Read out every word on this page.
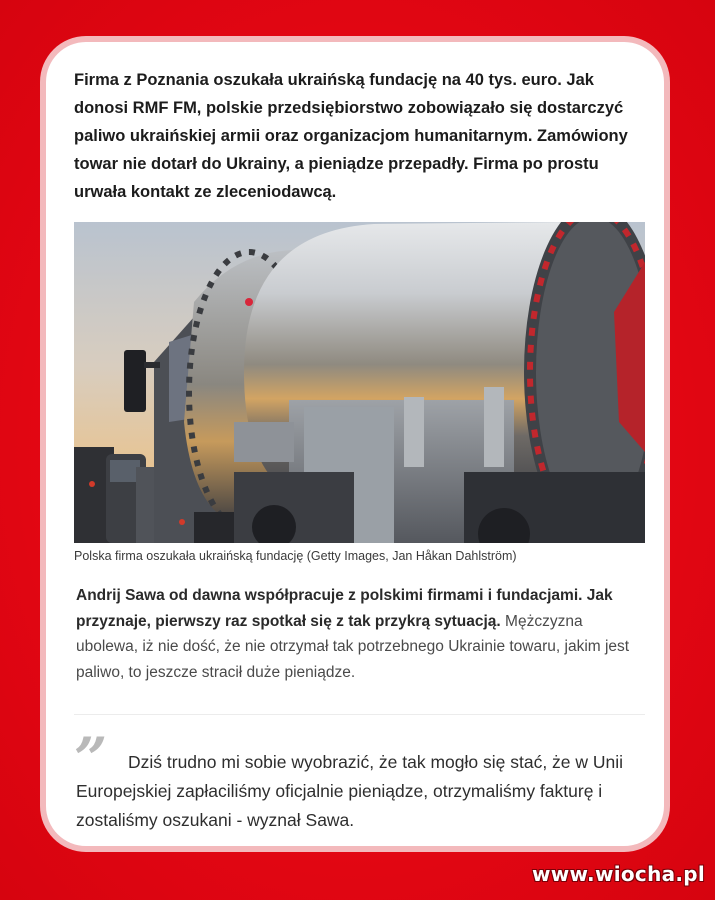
Firma z Poznania oszukała ukraińską fundację na 40 tys. euro. Jak donosi RMF FM, polskie przedsiębiorstwo zobowiązało się dostarczyć paliwo ukraińskiej armii oraz organizacjom humanitarnym. Zamówiony towar nie dotarł do Ukrainy, a pieniądze przepadły. Firma po prostu urwała kontakt ze zleceniodawcą.

Polska firma oszukała ukraińską fundację (Getty Images, Jan Håkan Dahlström)

Andrij Sawa od dawna współpracuje z polskimi firmami i fundacjami. Jak przyznaje, pierwszy raz spotkał się z tak przykrą sytuacją. Mężczyzna ubolewa, iż nie dość, że nie otrzymał tak potrzebnego Ukrainie towaru, jakim jest paliwo, to jeszcze stracił duże pieniądze.

”	Dziś trudno mi sobie wyobrazić, że tak mogło się stać, że w Unii Europejskiej zapłaciliśmy oficjalnie pieniądze, otrzymaliśmy fakturę i zostaliśmy oszukani - wyznał Sawa.

www.wiocha.pl
